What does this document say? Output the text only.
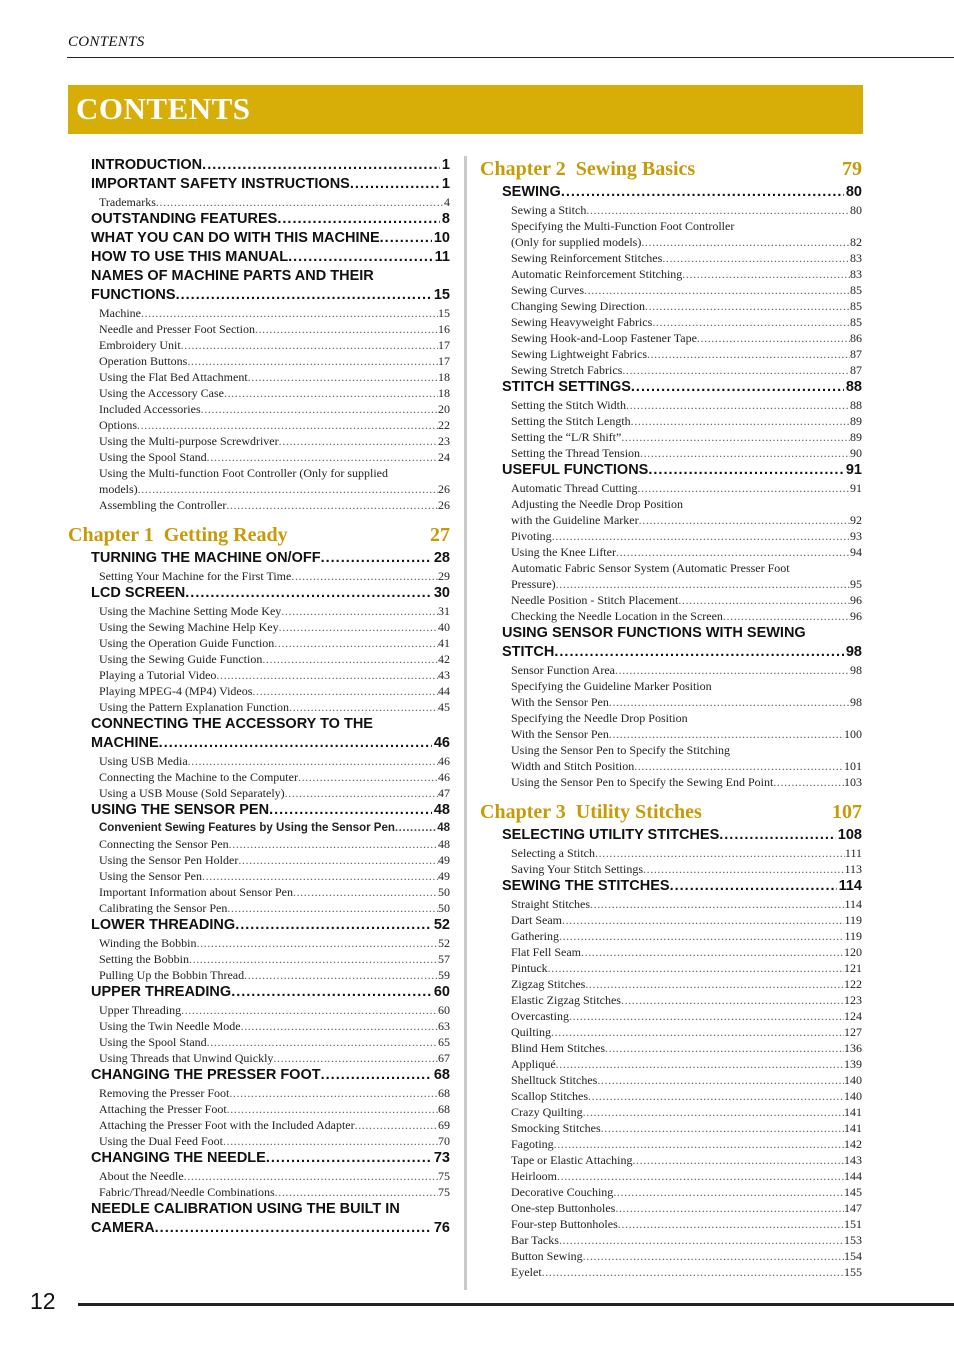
CONTENTS
CONTENTS
INTRODUCTION .....	1
IMPORTANT SAFETY INSTRUCTIONS .....	1
Trademarks .....	4
OUTSTANDING FEATURES .....	8
WHAT YOU CAN DO WITH THIS MACHINE .....	10
HOW TO USE THIS MANUAL .....	11
NAMES OF MACHINE PARTS AND THEIR
FUNCTIONS .....	15
Machine .....	15
Needle and Presser Foot Section .....	16
Embroidery Unit .....	17
Operation Buttons .....	17
Using the Flat Bed Attachment .....	18
Using the Accessory Case .....	18
Included Accessories .....	20
Options .....	22
Using the Multi-purpose Screwdriver .....	23
Using the Spool Stand .....	24
Using the Multi-function Foot Controller (Only for supplied
models) .....	26
Assembling the Controller .....	26
Chapter 1 Getting Ready	27
TURNING THE MACHINE ON/OFF .....	28
Setting Your Machine for the First Time .....	29
LCD SCREEN .....	30
Using the Machine Setting Mode Key .....	31
Using the Sewing Machine Help Key .....	40
Using the Operation Guide Function .....	41
Using the Sewing Guide Function .....	42
Playing a Tutorial Video .....	43
Playing MPEG-4 (MP4) Videos .....	44
Using the Pattern Explanation Function .....	45
CONNECTING THE ACCESSORY TO THE
MACHINE .....	46
Using USB Media .....	46
Connecting the Machine to the Computer .....	46
Using a USB Mouse (Sold Separately) .....	47
USING THE SENSOR PEN .....	48
Convenient Sewing Features by Using the Sensor Pen .....	48
Connecting the Sensor Pen .....	48
Using the Sensor Pen Holder .....	49
Using the Sensor Pen .....	49
Important Information about Sensor Pen .....	50
Calibrating the Sensor Pen .....	50
LOWER THREADING .....	52
Winding the Bobbin .....	52
Setting the Bobbin .....	57
Pulling Up the Bobbin Thread .....	59
UPPER THREADING .....	60
Upper Threading .....	60
Using the Twin Needle Mode .....	63
Using the Spool Stand .....	65
Using Threads that Unwind Quickly .....	67
CHANGING THE PRESSER FOOT .....	68
Removing the Presser Foot .....	68
Attaching the Presser Foot .....	68
Attaching the Presser Foot with the Included Adapter .....	69
Using the Dual Feed Foot .....	70
CHANGING THE NEEDLE .....	73
About the Needle .....	75
Fabric/Thread/Needle Combinations .....	75
NEEDLE CALIBRATION USING THE BUILT IN
CAMERA .....	76
Chapter 2 Sewing Basics	79
SEWING .....	80
Sewing a Stitch .....	80
Specifying the Multi-Function Foot Controller
(Only for supplied models) .....	82
Sewing Reinforcement Stitches .....	83
Automatic Reinforcement Stitching .....	83
Sewing Curves .....	85
Changing Sewing Direction .....	85
Sewing Heavyweight Fabrics .....	85
Sewing Hook-and-Loop Fastener Tape .....	86
Sewing Lightweight Fabrics .....	87
Sewing Stretch Fabrics .....	87
STITCH SETTINGS .....	88
Setting the Stitch Width .....	88
Setting the Stitch Length .....	89
Setting the “L/R Shift” .....	89
Setting the Thread Tension .....	90
USEFUL FUNCTIONS .....	91
Automatic Thread Cutting .....	91
Adjusting the Needle Drop Position
with the Guideline Marker .....	92
Pivoting .....	93
Using the Knee Lifter .....	94
Automatic Fabric Sensor System (Automatic Presser Foot
Pressure) .....	95
Needle Position - Stitch Placement .....	96
Checking the Needle Location in the Screen .....	96
USING SENSOR FUNCTIONS WITH SEWING
STITCH .....	98
Sensor Function Area .....	98
Specifying the Guideline Marker Position
With the Sensor Pen .....	98
Specifying the Needle Drop Position
With the Sensor Pen .....	100
Using the Sensor Pen to Specify the Stitching
Width and Stitch Position .....	101
Using the Sensor Pen to Specify the Sewing End Point .....	103
Chapter 3 Utility Stitches	107
SELECTING UTILITY STITCHES .....	108
Selecting a Stitch .....	111
Saving Your Stitch Settings .....	113
SEWING THE STITCHES .....	114
Straight Stitches .....	114
Dart Seam .....	119
Gathering .....	119
Flat Fell Seam .....	120
Pintuck .....	121
Zigzag Stitches .....	122
Elastic Zigzag Stitches .....	123
Overcasting .....	124
Quilting .....	127
Blind Hem Stitches .....	136
Appliqué .....	139
Shelltuck Stitches .....	140
Scallop Stitches .....	140
Crazy Quilting .....	141
Smocking Stitches .....	141
Fagoting .....	142
Tape or Elastic Attaching .....	143
Heirloom .....	144
Decorative Couching .....	145
One-step Buttonholes .....	147
Four-step Buttonholes .....	151
Bar Tacks .....	153
Button Sewing .....	154
Eyelet .....	155
12
